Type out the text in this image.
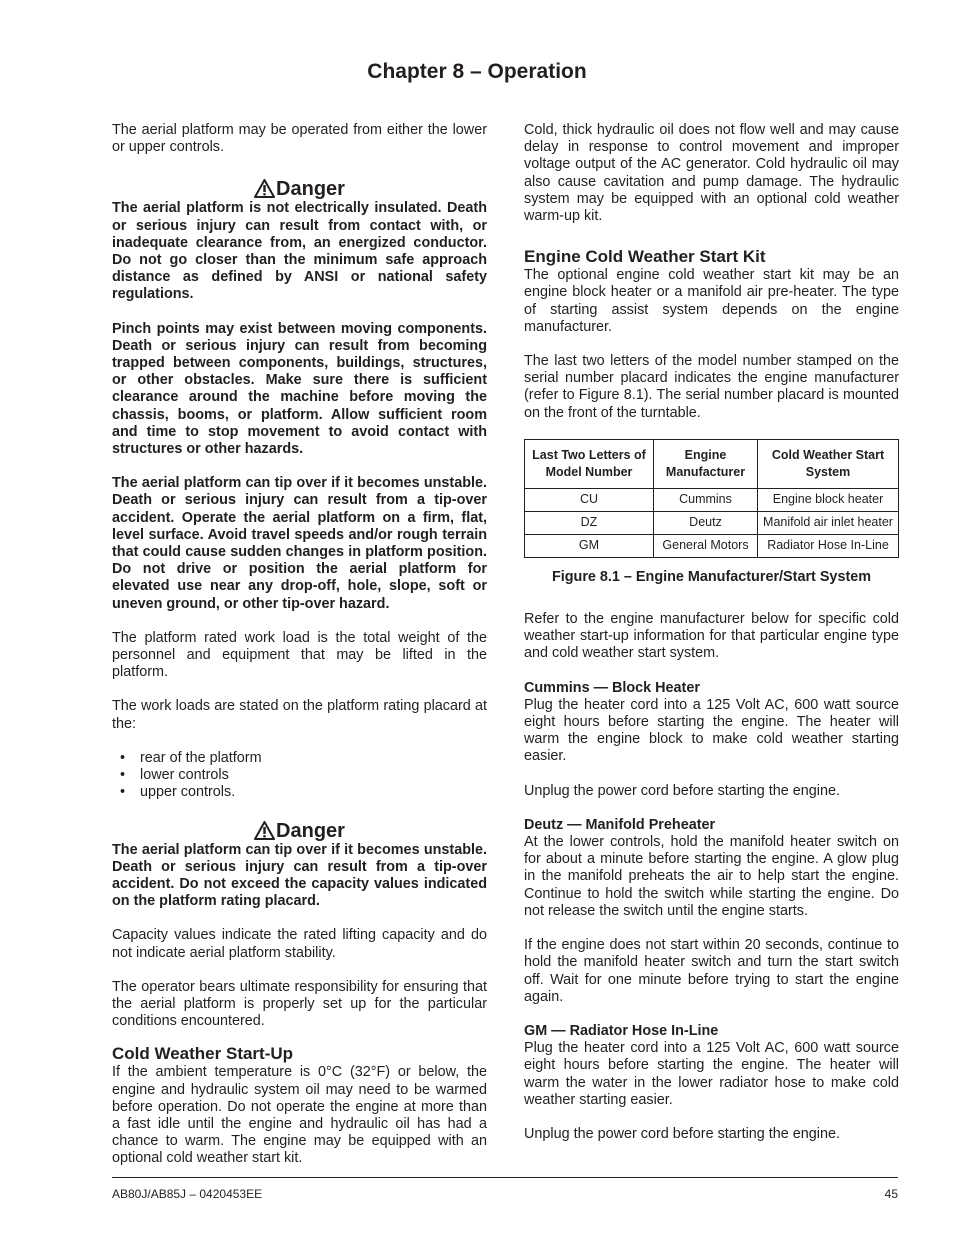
Chapter 8 – Operation

The aerial platform may be operated from either the lower or upper controls.

Danger

The aerial platform is not electrically insulated. Death or serious injury can result from contact with, or inadequate clearance from, an energized conductor. Do not go closer than the minimum safe approach distance as defined by ANSI or national safety regulations.

Pinch points may exist between moving components. Death or serious injury can result from becoming trapped between components, buildings, structures, or other obstacles. Make sure there is sufficient clearance around the machine before moving the chassis, booms, or platform. Allow sufficient room and time to stop movement to avoid contact with structures or other hazards.

The aerial platform can tip over if it becomes unstable. Death or serious injury can result from a tip-over accident. Operate the aerial platform on a firm, flat, level surface. Avoid travel speeds and/or rough terrain that could cause sudden changes in platform position. Do not drive or position the aerial platform for elevated use near any drop-off, hole, slope, soft or uneven ground, or other tip-over hazard.

The platform rated work load is the total weight of the personnel and equipment that may be lifted in the platform.

The work loads are stated on the platform rating placard at the:

• rear of the platform
• lower controls
• upper controls.
Danger

The aerial platform can tip over if it becomes unstable. Death or serious injury can result from a tip-over accident. Do not exceed the capacity values indicated on the platform rating placard.

Capacity values indicate the rated lifting capacity and do not indicate aerial platform stability.

The operator bears ultimate responsibility for ensuring that the aerial platform is properly set up for the particular conditions encountered.

Cold Weather Start-Up

If the ambient temperature is 0°C (32°F) or below, the engine and hydraulic system oil may need to be warmed before operation. Do not operate the engine at more than a fast idle until the engine and hydraulic oil has had a chance to warm. The engine may be equipped with an optional cold weather start kit.

Cold, thick hydraulic oil does not flow well and may cause delay in response to control movement and improper voltage output of the AC generator. Cold hydraulic oil may also cause cavitation and pump damage. The hydraulic system may be equipped with an optional cold weather warm-up kit.

Engine Cold Weather Start Kit

The optional engine cold weather start kit may be an engine block heater or a manifold air pre-heater. The type of starting assist system depends on the engine manufacturer.

The last two letters of the model number stamped on the serial number placard indicates the engine manufacturer (refer to Figure 8.1). The serial number placard is mounted on the front of the turntable.

Last Two Letters of Model Number	Engine Manufacturer	Cold Weather Start System
CU	Cummins	Engine block heater
DZ	Deutz	Manifold air inlet heater
GM	General Motors	Radiator Hose In-Line
Figure 8.1 – Engine Manufacturer/Start System

Refer to the engine manufacturer below for specific cold weather start-up information for that particular engine type and cold weather start system.

Cummins — Block Heater

Plug the heater cord into a 125 Volt AC, 600 watt source eight hours before starting the engine. The heater will warm the engine block to make cold weather starting easier.

Unplug the power cord before starting the engine.

Deutz — Manifold Preheater

At the lower controls, hold the manifold heater switch on for about a minute before starting the engine. A glow plug in the manifold preheats the air to help start the engine. Continue to hold the switch while starting the engine. Do not release the switch until the engine starts.

If the engine does not start within 20 seconds, continue to hold the manifold heater switch and turn the start switch off. Wait for one minute before trying to start the engine again.

GM — Radiator Hose In-Line

Plug the heater cord into a 125 Volt AC, 600 watt source eight hours before starting the engine. The heater will warm the water in the lower radiator hose to make cold weather starting easier.

Unplug the power cord before starting the engine.

AB80J/AB85J – 0420453EE	45
